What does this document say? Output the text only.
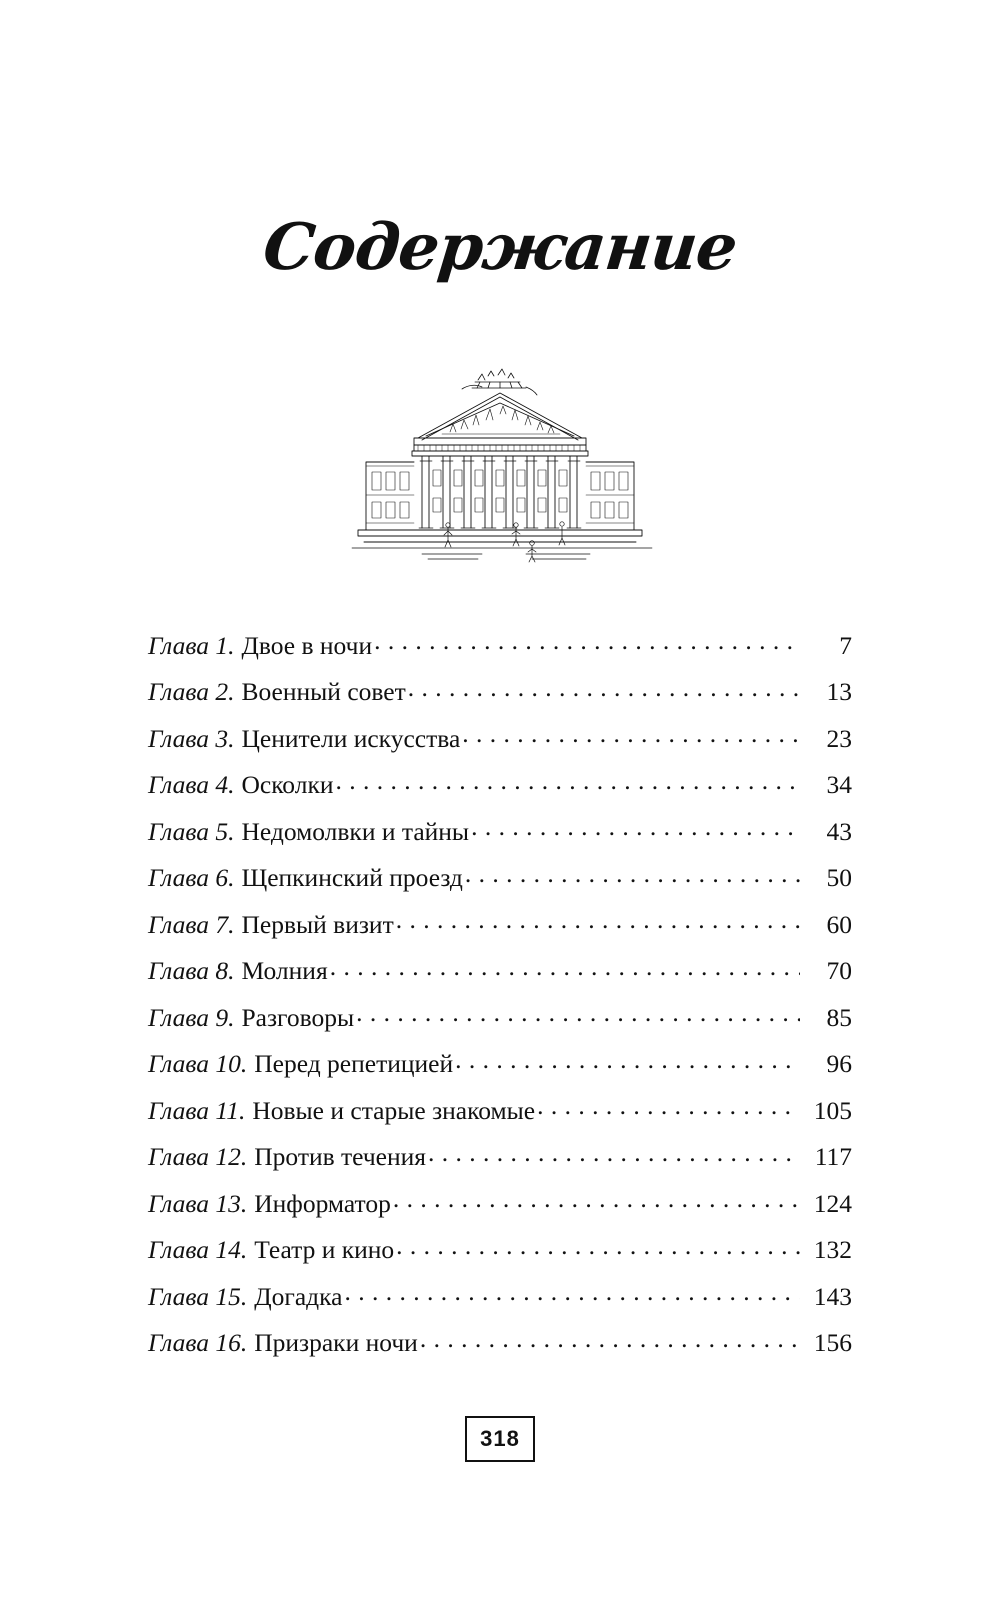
Содержание
Глава 1. Двое в ночи . . .	7
Глава 2. Военный совет . . .	13
Глава 3. Ценители искусства . . .	23
Глава 4. Осколки . . .	34
Глава 5. Недомолвки и тайны . . .	43
Глава 6. Щепкинский проезд . . .	50
Глава 7. Первый визит . . .	60
Глава 8. Молния . . .	70
Глава 9. Разговоры . . .	85
Глава 10. Перед репетицией . . .	96
Глава 11. Новые и старые знакомые . . .	105
Глава 12. Против течения . . .	117
Глава 13. Информатор . . .	124
Глава 14. Театр и кино . . .	132
Глава 15. Догадка . . .	143
Глава 16. Призраки ночи . . .	156
318
